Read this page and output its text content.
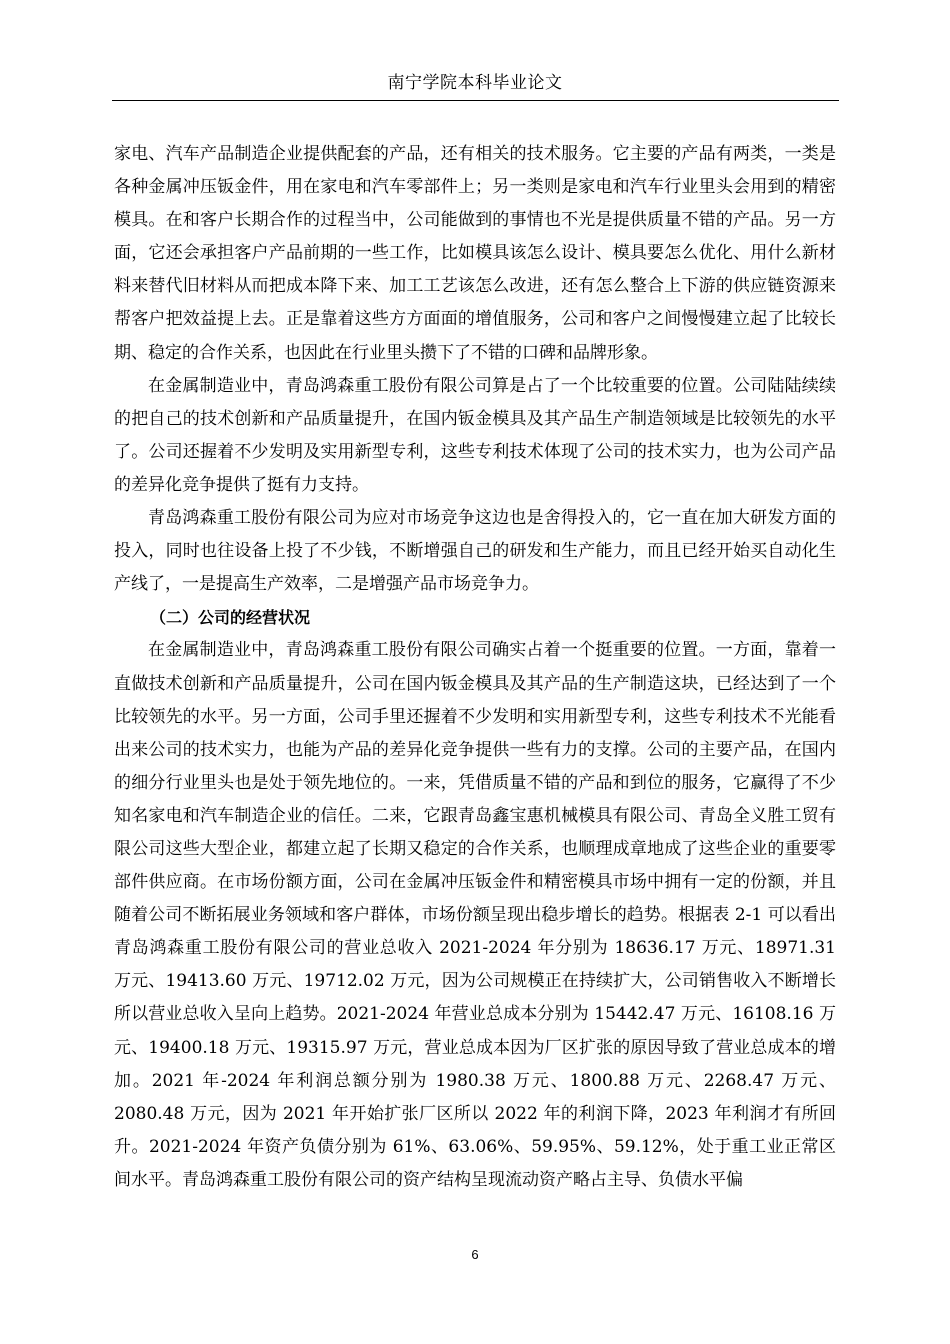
南宁学院本科毕业论文

家电、汽车产品制造企业提供配套的产品，还有相关的技术服务。它主要的产品有两类，一类是各种金属冲压钣金件，用在家电和汽车零部件上；另一类则是家电和汽车行业里头会用到的精密模具。在和客户长期合作的过程当中，公司能做到的事情也不光是提供质量不错的产品。另一方面，它还会承担客户产品前期的一些工作，比如模具该怎么设计、模具要怎么优化、用什么新材料来替代旧材料从而把成本降下来、加工工艺该怎么改进，还有怎么整合上下游的供应链资源来帮客户把效益提上去。正是靠着这些方方面面的增值服务，公司和客户之间慢慢建立起了比较长期、稳定的合作关系，也因此在行业里头攒下了不错的口碑和品牌形象。

在金属制造业中，青岛鸿森重工股份有限公司算是占了一个比较重要的位置。公司陆陆续续的把自己的技术创新和产品质量提升，在国内钣金模具及其产品生产制造领域是比较领先的水平了。公司还握着不少发明及实用新型专利，这些专利技术体现了公司的技术实力，也为公司产品的差异化竞争提供了挺有力支持。

青岛鸿森重工股份有限公司为应对市场竞争这边也是舍得投入的，它一直在加大研发方面的投入，同时也往设备上投了不少钱，不断增强自己的研发和生产能力，而且已经开始买自动化生产线了，一是提高生产效率，二是增强产品市场竞争力。

（二）公司的经营状况

在金属制造业中，青岛鸿森重工股份有限公司确实占着一个挺重要的位置。一方面，靠着一直做技术创新和产品质量提升，公司在国内钣金模具及其产品的生产制造这块，已经达到了一个比较领先的水平。另一方面，公司手里还握着不少发明和实用新型专利，这些专利技术不光能看出来公司的技术实力，也能为产品的差异化竞争提供一些有力的支撑。公司的主要产品，在国内的细分行业里头也是处于领先地位的。一来，凭借质量不错的产品和到位的服务，它赢得了不少知名家电和汽车制造企业的信任。二来，它跟青岛鑫宝惠机械模具有限公司、青岛全义胜工贸有限公司这些大型企业，都建立起了长期又稳定的合作关系，也顺理成章地成了这些企业的重要零部件供应商。在市场份额方面，公司在金属冲压钣金件和精密模具市场中拥有一定的份额，并且随着公司不断拓展业务领域和客户群体，市场份额呈现出稳步增长的趋势。根据表 2-1 可以看出青岛鸿森重工股份有限公司的营业总收入 2021-2024 年分别为 18636.17 万元、18971.31 万元、19413.60 万元、19712.02 万元，因为公司规模正在持续扩大，公司销售收入不断增长所以营业总收入呈向上趋势。2021-2024 年营业总成本分别为 15442.47 万元、16108.16 万元、19400.18 万元、19315.97 万元，营业总成本因为厂区扩张的原因导致了营业总成本的增加。2021 年-2024 年利润总额分别为 1980.38 万元、1800.88 万元、2268.47 万元、2080.48 万元，因为 2021 年开始扩张厂区所以 2022 年的利润下降，2023 年利润才有所回升。2021-2024 年资产负债分别为 61%、63.06%、59.95%、59.12%，处于重工业正常区间水平。青岛鸿森重工股份有限公司的资产结构呈现流动资产略占主导、负债水平偏

6
